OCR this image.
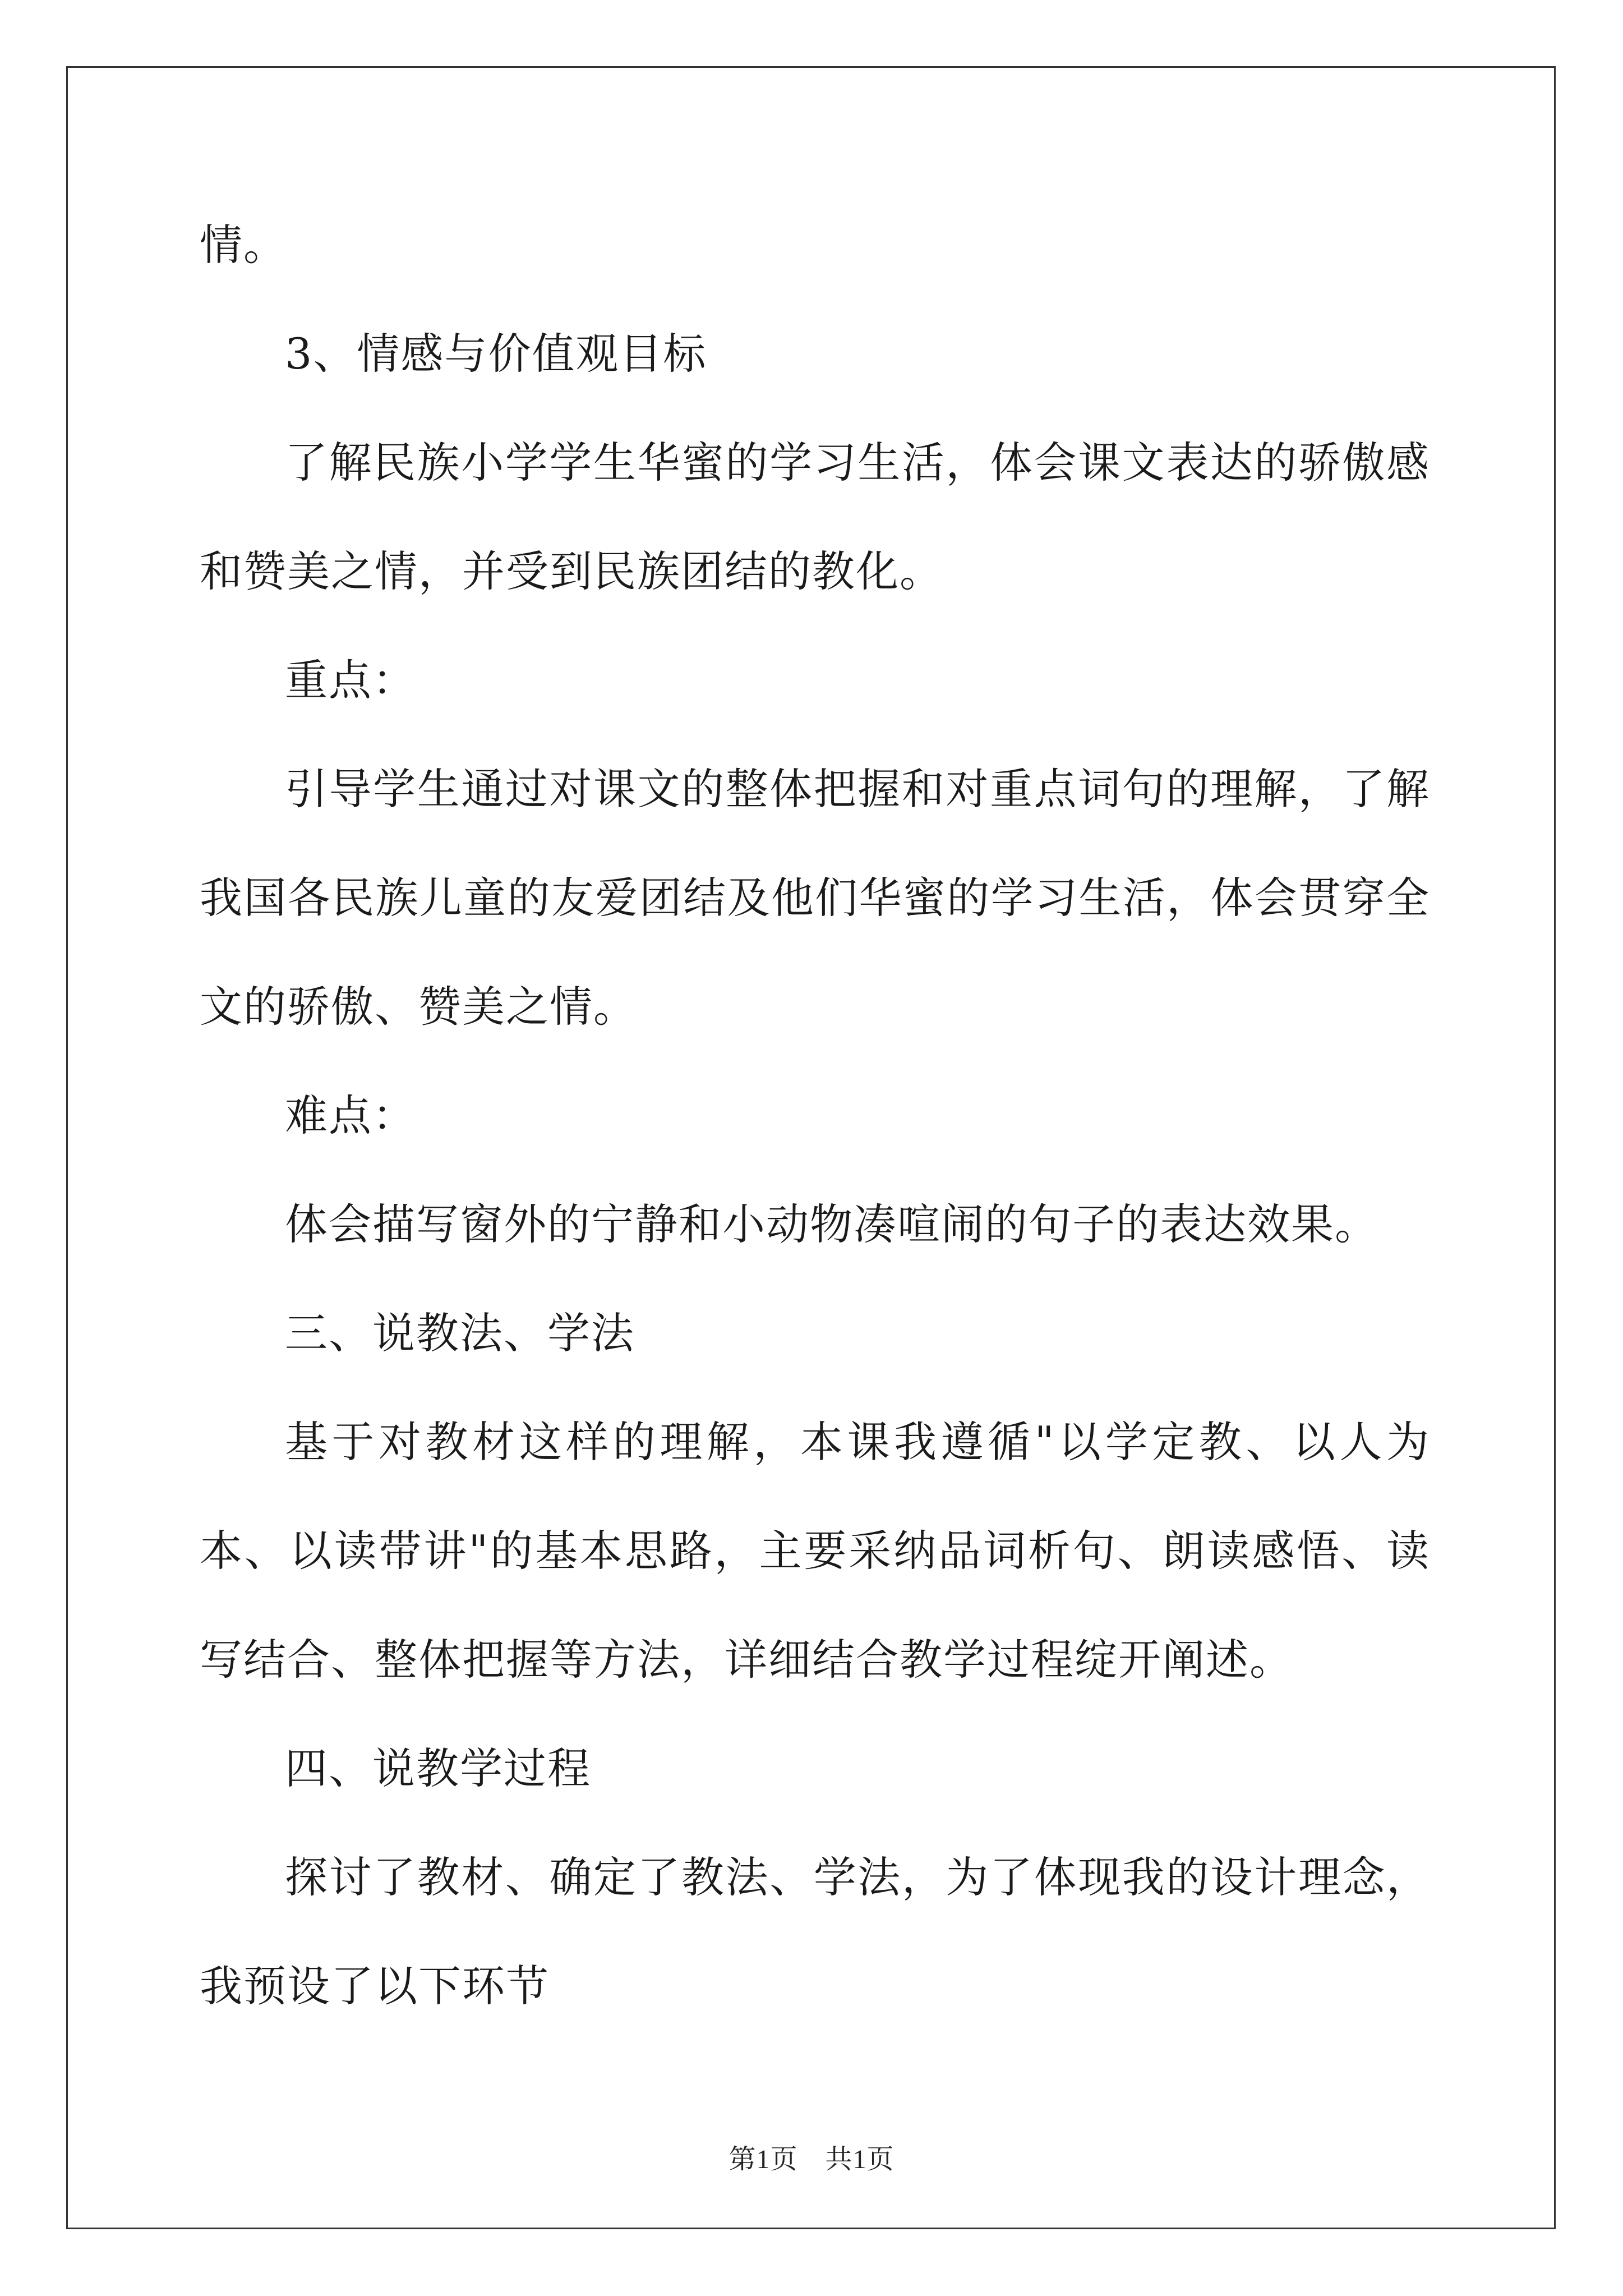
情。

3、情感与价值观目标

了解民族小学学生华蜜的学习生活，体会课文表达的骄傲感和赞美之情，并受到民族团结的教化。

重点：

引导学生通过对课文的整体把握和对重点词句的理解，了解我国各民族儿童的友爱团结及他们华蜜的学习生活，体会贯穿全文的骄傲、赞美之情。

难点：

体会描写窗外的宁静和小动物凑喧闹的句子的表达效果。

三、说教法、学法

基于对教材这样的理解，本课我遵循"以学定教、以人为本、以读带讲"的基本思路，主要采纳品词析句、朗读感悟、读写结合、整体把握等方法，详细结合教学过程绽开阐述。

四、说教学过程

探讨了教材、确定了教法、学法，为了体现我的设计理念，我预设了以下环节

第1页　共1页
